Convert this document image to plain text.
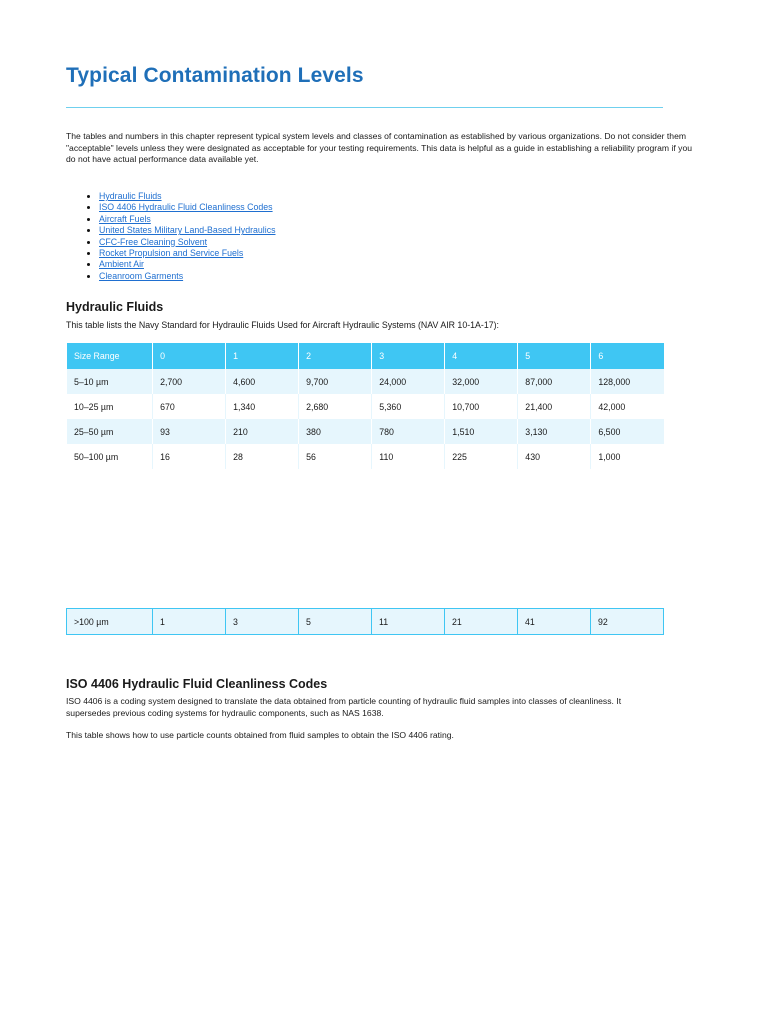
Typical Contamination Levels

The tables and numbers in this chapter represent typical system levels and classes of contamination as established by various organizations. Do not consider them "acceptable" levels unless they were designated as acceptable for your testing requirements. This data is helpful as a guide in establishing a reliability program if you do not have actual performance data available yet.

• Hydraulic Fluids
• ISO 4406 Hydraulic Fluid Cleanliness Codes
• Aircraft Fuels
• United States Military Land-Based Hydraulics
• CFC-Free Cleaning Solvent
• Rocket Propulsion and Service Fuels
• Ambient Air
• Cleanroom Garments
Hydraulic Fluids

This table lists the Navy Standard for Hydraulic Fluids Used for Aircraft Hydraulic Systems (NAV AIR 10-1A-17):

Size Range	0	1	2	3	4	5	6
5–10 µm	2,700	4,600	9,700	24,000	32,000	87,000	128,000
10–25 µm	670	1,340	2,680	5,360	10,700	21,400	42,000
25–50 µm	93	210	380	780	1,510	3,130	6,500
50–100 µm	16	28	56	110	225	430	1,000
>100 µm	1	3	5	11	21	41	92
ISO 4406 Hydraulic Fluid Cleanliness Codes

ISO 4406 is a coding system designed to translate the data obtained from particle counting of hydraulic fluid samples into classes of cleanliness. It supersedes previous coding systems for hydraulic components, such as NAS 1638.

This table shows how to use particle counts obtained from fluid samples to obtain the ISO 4406 rating.
